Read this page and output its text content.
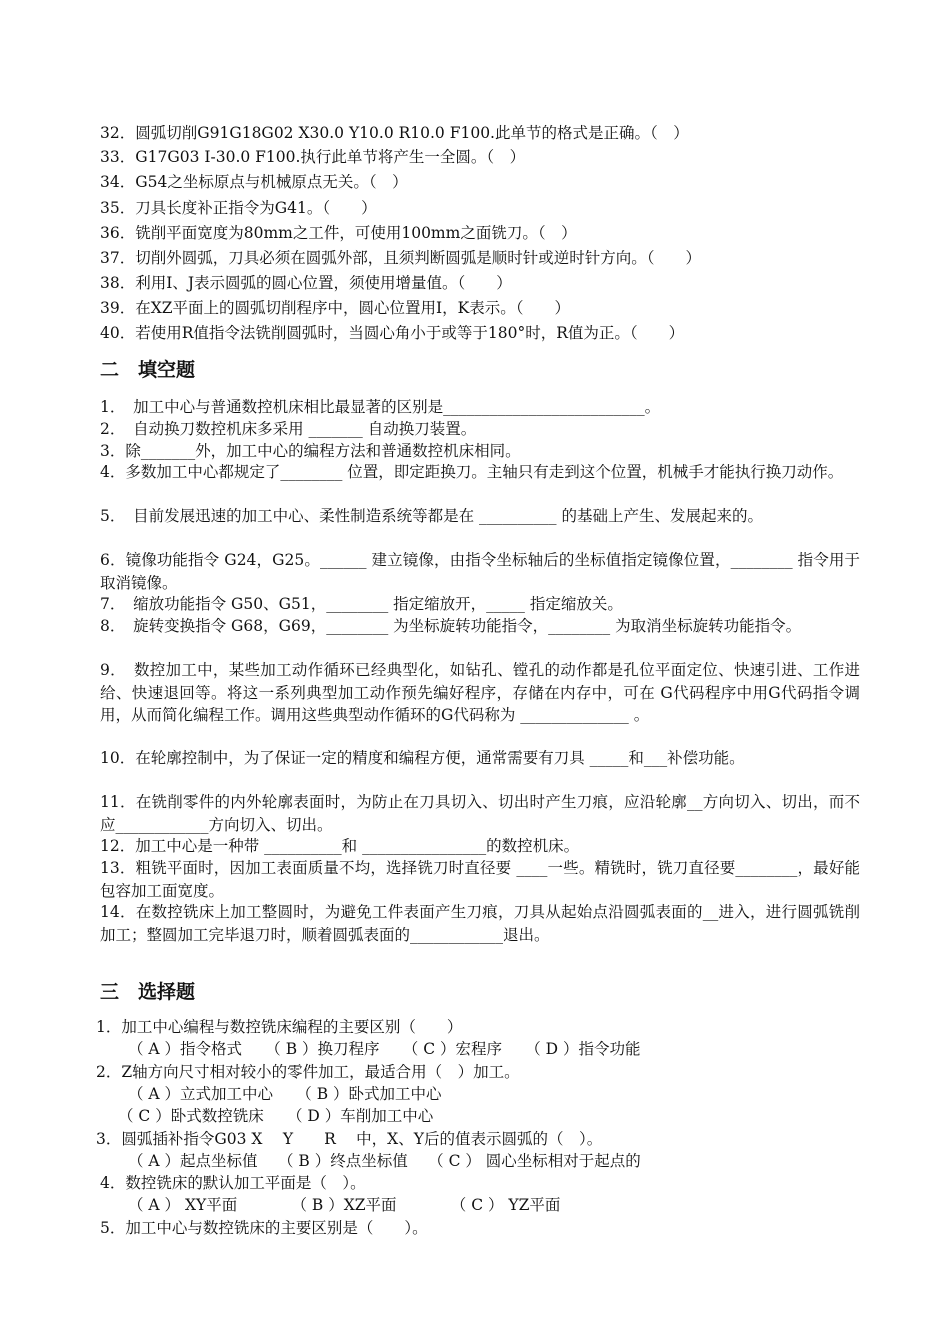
32．圆弧切削G91G18G02 X30.0 Y10.0 R10.0 F100.此单节的格式是正确。（　）
33．G17G03 I-30.0 F100.执行此单节将产生一全圆。（　）
34．G54之坐标原点与机械原点无关。（　）
35．刀具长度补正指令为G41。（　　）
36．铣削平面宽度为80mm之工件，可使用100mm之面铣刀。（　）
37．切削外圆弧，刀具必须在圆弧外部，且须判断圆弧是顺时针或逆时针方向。（　　）
38．利用I、J表示圆弧的圆心位置，须使用增量值。（　　）
39．在XZ平面上的圆弧切削程序中，圆心位置用I，K表示。（　　）
40．若使用R值指令法铣削圆弧时，当圆心角小于或等于180°时，R值为正。（　　）
二　填空题
1．　加工中心与普通数控机床相比最显著的区别是__________________________。
2．　自动换刀数控机床多采用 _______ 自动换刀装置。
3．除_______外，加工中心的编程方法和普通数控机床相同。
4．多数加工中心都规定了________ 位置，即定距换刀。主轴只有走到这个位置，机械手才能执行换刀动作。
5．　目前发展迅速的加工中心、柔性制造系统等都是在 __________ 的基础上产生、发展起来的。
6．镜像功能指令 G24，G25。______ 建立镜像，由指令坐标轴后的坐标值指定镜像位置，________ 指令用于取消镜像。
7．　缩放功能指令 G50、G51，________ 指定缩放开，_____ 指定缩放关。
8．　旋转变换指令 G68，G69，________ 为坐标旋转功能指令，________ 为取消坐标旋转功能指令。
9．　数控加工中，某些加工动作循环已经典型化，如钻孔、镗孔的动作都是孔位平面定位、快速引进、工作进给、快速退回等。将这一系列典型加工动作预先编好程序，存储在内存中，可在 G代码程序中用G代码指令调用，从而简化编程工作。调用这些典型动作循环的G代码称为 ______________ 。
10．在轮廓控制中，为了保证一定的精度和编程方便，通常需要有刀具 _____和___补偿功能。
11．在铣削零件的内外轮廓表面时，为防止在刀具切入、切出时产生刀痕，应沿轮廓__方向切入、切出，而不应____________方向切入、切出。
12．加工中心是一种带 __________和 ________________的数控机床。
13．粗铣平面时，因加工表面质量不均，选择铣刀时直径要 ____一些。精铣时，铣刀直径要________，最好能包容加工面宽度。
14．在数控铣床上加工整圆时，为避免工件表面产生刀痕，刀具从起始点沿圆弧表面的__进入，进行圆弧铣削加工；整圆加工完毕退刀时，顺着圆弧表面的____________退出。
三　选择题
1．加工中心编程与数控铣床编程的主要区别（　　）
（ A ）指令格式　　（ B ）换刀程序　　（ C ）宏程序　　（ D ）指令功能
2．Z轴方向尺寸相对较小的零件加工，最适合用（　）加工。
（ A ）立式加工中心　　（ B ）卧式加工中心
（ C ）卧式数控铣床　　（ D ）车削加工中心
3．圆弧插补指令G03 X　 Y　　R　 中，X、Y后的值表示圆弧的（　）。
（ A ）起点坐标值　 （ B ）终点坐标值　 （ C ） 圆心坐标相对于起点的
4．数控铣床的默认加工平面是（　）。
（ A ） XY平面　　　　（ B ）XZ平面　　　　（ C ） YZ平面
5．加工中心与数控铣床的主要区别是（　　）。
